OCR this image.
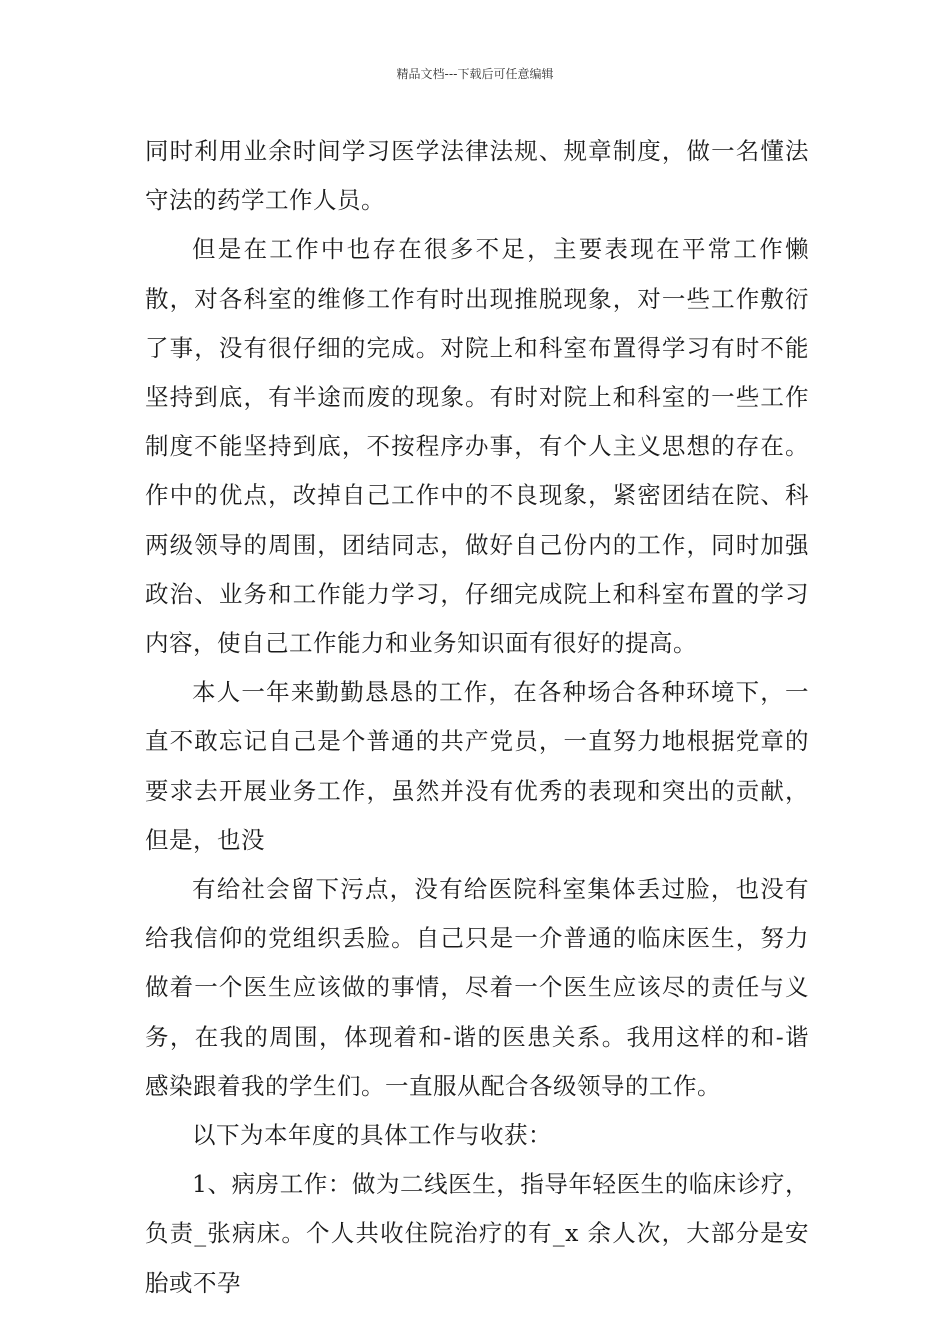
精品文档---下载后可任意编辑

同时利用业余时间学习医学法律法规、规章制度，做一名懂法守法的药学工作人员。

但是在工作中也存在很多不足，主要表现在平常工作懒散，对各科室的维修工作有时出现推脱现象，对一些工作敷衍了事，没有很仔细的完成。对院上和科室布置得学习有时不能坚持到底，有半途而废的现象。有时对院上和科室的一些工作制度不能坚持到底，不按程序办事，有个人主义思想的存在。作中的优点，改掉自己工作中的不良现象，紧密团结在院、科两级领导的周围，团结同志，做好自己份内的工作，同时加强政治、业务和工作能力学习，仔细完成院上和科室布置的学习内容，使自己工作能力和业务知识面有很好的提高。

本人一年来勤勤恳恳的工作，在各种场合各种环境下，一直不敢忘记自己是个普通的共产党员，一直努力地根据党章的要求去开展业务工作，虽然并没有优秀的表现和突出的贡献，但是，也没

有给社会留下污点，没有给医院科室集体丢过脸，也没有给我信仰的党组织丢脸。自己只是一介普通的临床医生，努力做着一个医生应该做的事情，尽着一个医生应该尽的责任与义务，在我的周围，体现着和-谐的医患关系。我用这样的和-谐感染跟着我的学生们。一直服从配合各级领导的工作。

以下为本年度的具体工作与收获：

1、病房工作：做为二线医生，指导年轻医生的临床诊疗，负责_张病床。个人共收住院治疗的有_x 余人次，大部分是安胎或不孕
